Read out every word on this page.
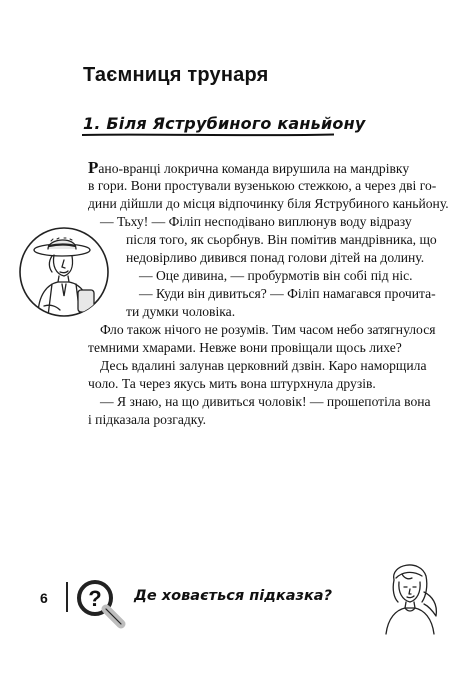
Таємниця трунаря
1. Біля Яструбиного каньйону
Рано-вранці локрична команда вирушила на мандрівку
в гори. Вони простували вузенькою стежкою, а через дві го-
дини дійшли до місця відпочинку біля Яструбиного каньйону.
— Тьху! — Філіп несподівано виплюнув воду відразу
після того, як сьорбнув. Він помітив мандрівника, що
недовірливо дивився понад голови дітей на долину.
— Оце дивина, — пробурмотів він собі під ніс.
— Куди він дивиться? — Філіп намагався прочита-
ти думки чоловіка.
Фло також нічого не розумів. Тим часом небо затягнулося
темними хмарами. Невже вони провіщали щось лихе?
Десь вдалині залунав церковний дзвін. Каро наморщила
чоло. Та через якусь мить вона штурхнула друзів.
— Я знаю, на що дивиться чоловік! — прошепотіла вона
і підказала розгадку.
6 ? Де ховається підказка?
